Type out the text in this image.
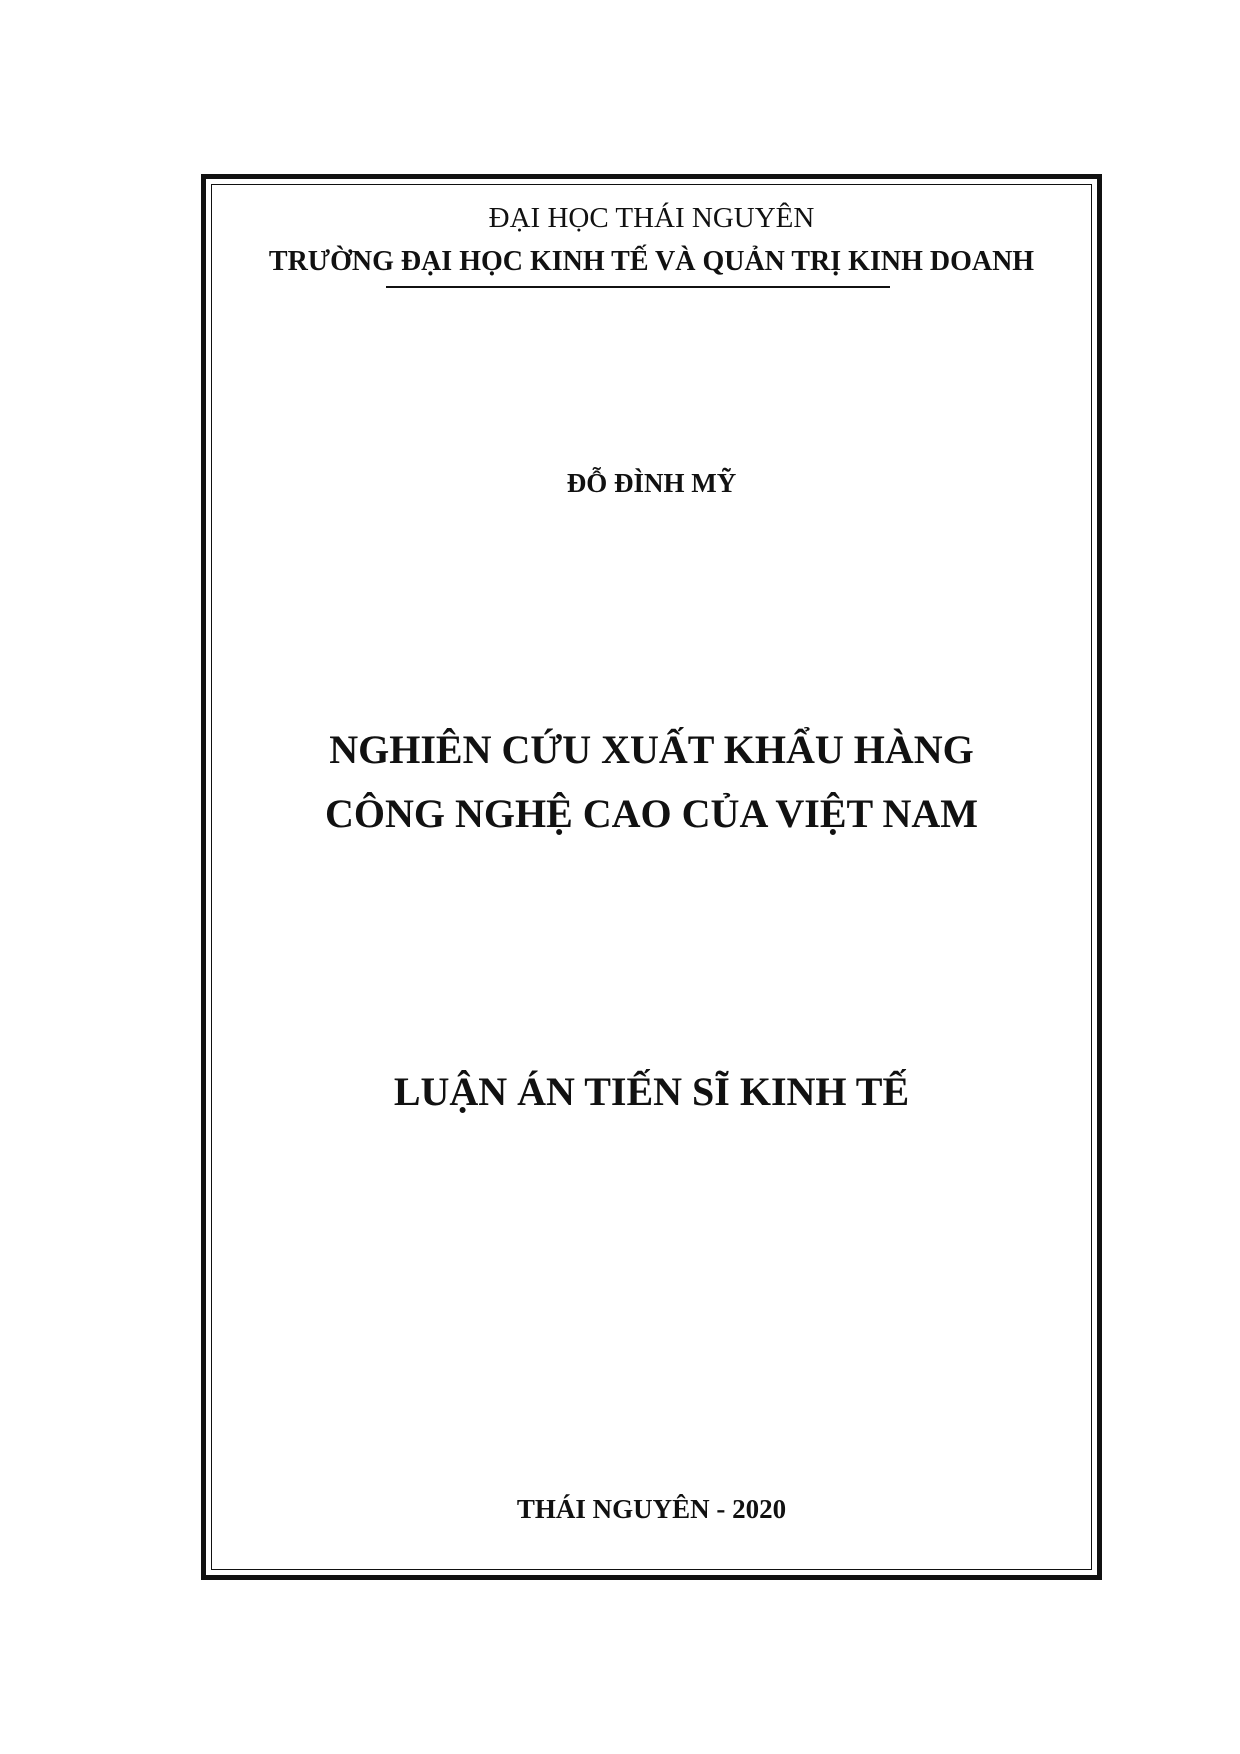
ĐẠI HỌC THÁI NGUYÊN
TRƯỜNG ĐẠI HỌC KINH TẾ VÀ QUẢN TRỊ KINH DOANH
ĐỖ ĐÌNH MỸ
NGHIÊN CỨU XUẤT KHẨU HÀNG
CÔNG NGHỆ CAO CỦA VIỆT NAM
LUẬN ÁN TIẾN SĨ KINH TẾ
THÁI NGUYÊN - 2020
